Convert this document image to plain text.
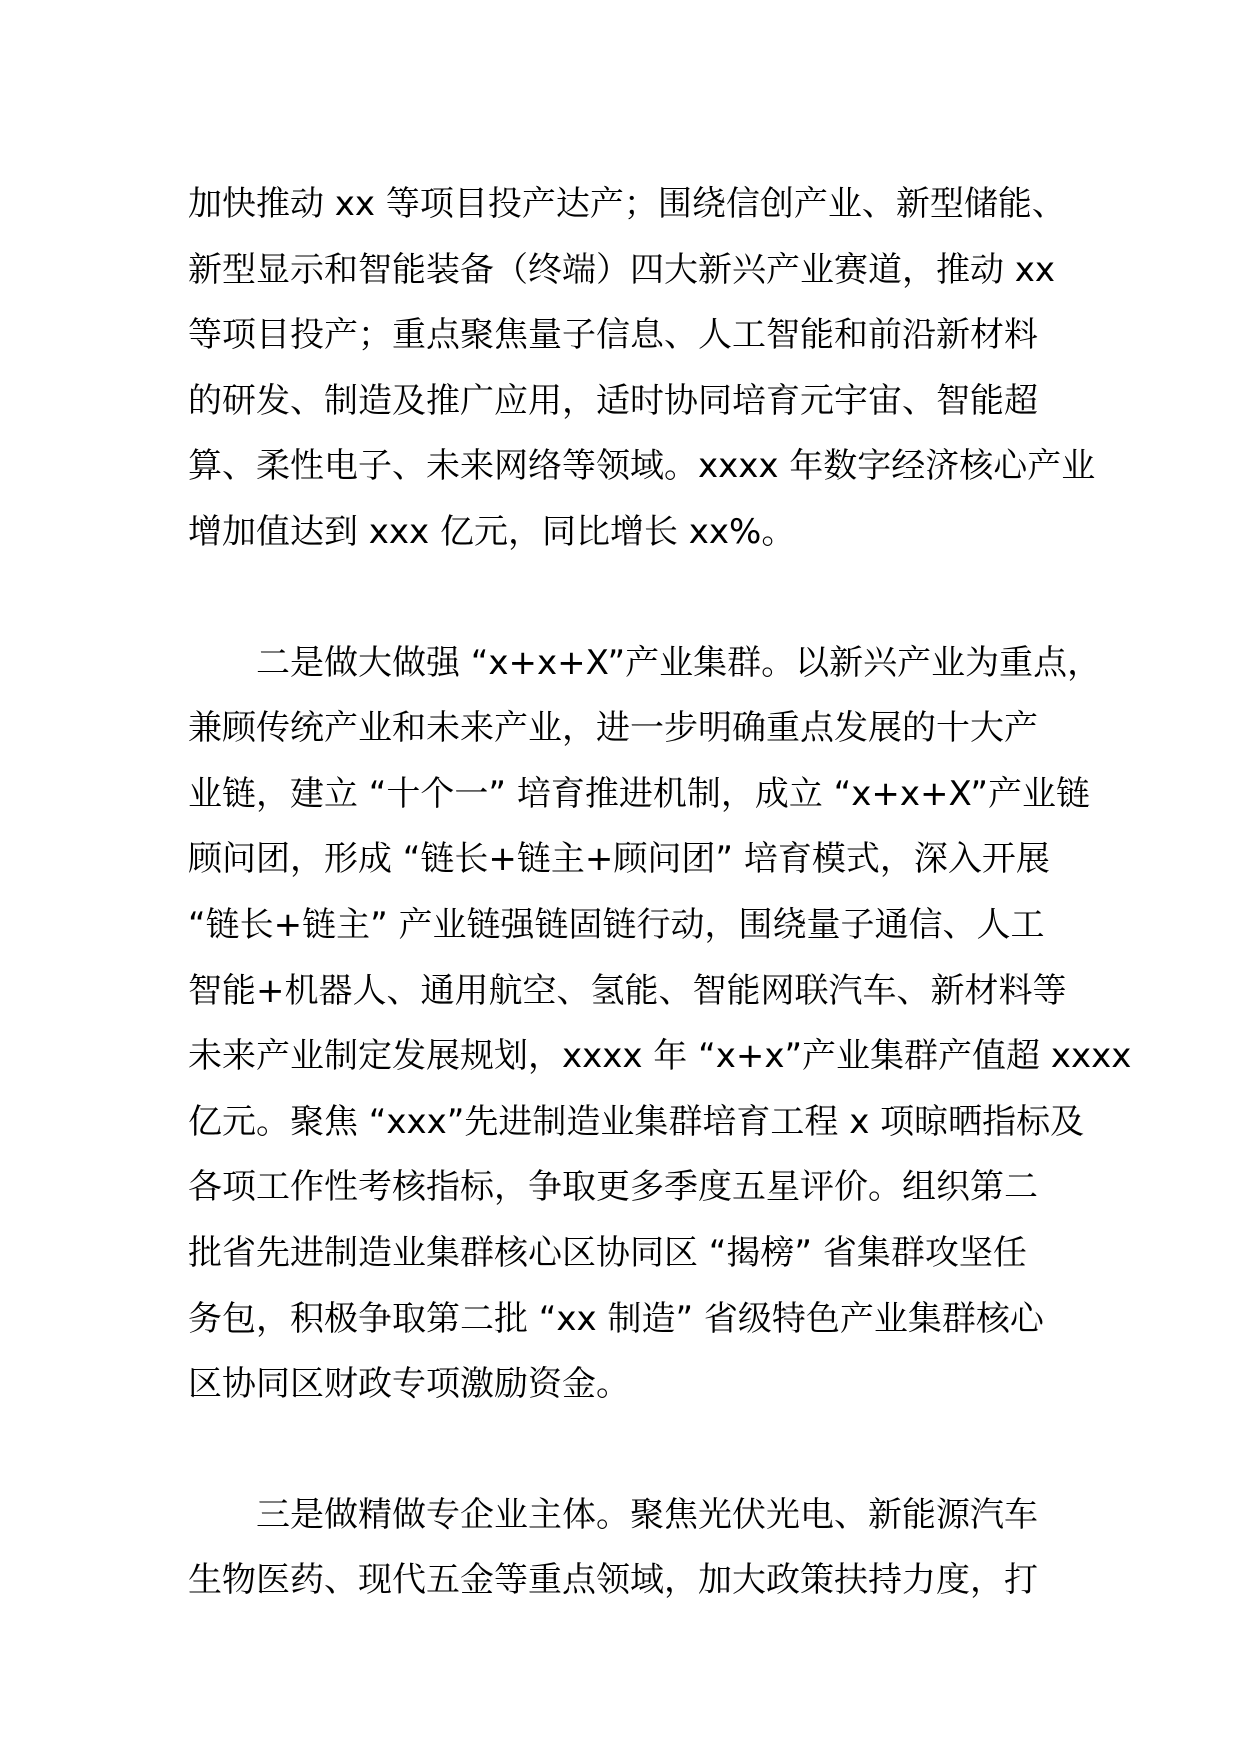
加快推动 xx 等项目投产达产；围绕信创产业、新型储能、
新型显示和智能装备（终端）四大新兴产业赛道，推动 xx
等项目投产；重点聚焦量子信息、人工智能和前沿新材料
的研发、制造及推广应用，适时协同培育元宇宙、智能超
算、柔性电子、未来网络等领域。xxxx 年数字经济核心产业
增加值达到 xxx 亿元，同比增长 xx%。

　　二是做大做强 “x+x+X”产业集群。以新兴产业为重点，
兼顾传统产业和未来产业，进一步明确重点发展的十大产
业链，建立 “十个一” 培育推进机制，成立 “x+x+X”产业链
顾问团，形成 “链长+链主+顾问团” 培育模式，深入开展
“链长+链主” 产业链强链固链行动，围绕量子通信、人工
智能+机器人、通用航空、氢能、智能网联汽车、新材料等
未来产业制定发展规划，xxxx 年 “x+x”产业集群产值超 xxxx
亿元。聚焦 “xxx”先进制造业集群培育工程 x 项晾晒指标及
各项工作性考核指标，争取更多季度五星评价。组织第二
批省先进制造业集群核心区协同区 “揭榜” 省集群攻坚任
务包，积极争取第二批 “xx 制造” 省级特色产业集群核心
区协同区财政专项激励资金。

　　三是做精做专企业主体。聚焦光伏光电、新能源汽车
生物医药、现代五金等重点领域，加大政策扶持力度，打
